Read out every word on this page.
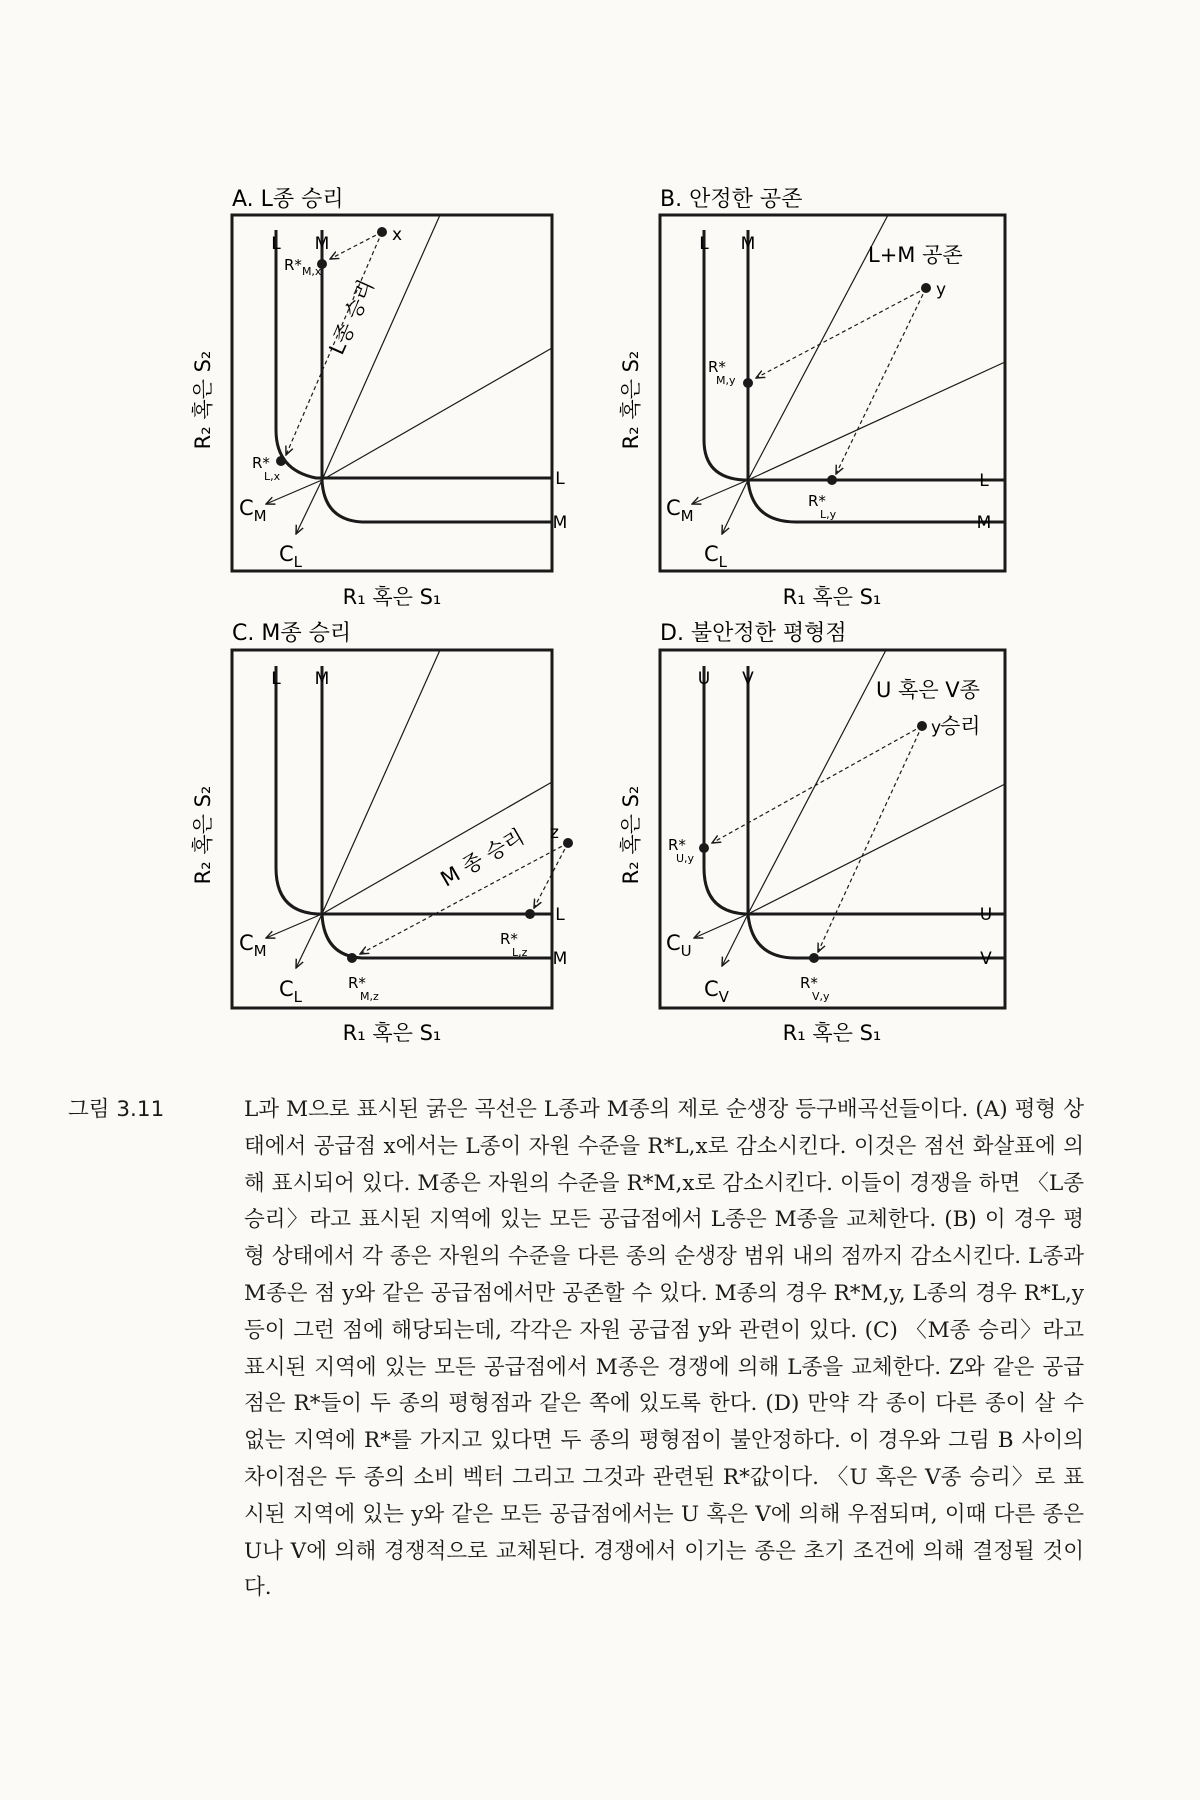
A. L종 승리
R₂ 혹은 S₂
R₁ 혹은 S₁
L M
L
M
$C_M$
$C_L$
x
$R*_{M,x}$
R* L,x
L종 승리
B. 안정한 공존
R₂ 혹은 S₂
R₁ 혹은 S₁
L M
L
M
$C_M$
$C_L$
L+M 공존
y
R* M,y
R* L,y
C. M종 승리
R₂ 혹은 S₂
R₁ 혹은 S₁
L M
L
M
$C_M$
$C_L$
M 종 승리 z
R* L,z
R* M,z
D. 불안정한 평형점
R₂ 혹은 S₂
R₁ 혹은 S₁
U V
U
V
$C_U$
$C_V$
U 혹은 V종
승리
y
R* U,y
R* V,y
그림 3.11	L과 M으로 표시된 굵은 곡선은 L종과 M종의 제로 순생장 등구배곡선들이다. (A) 평형 상태에서 공급점 x에서는 L종이 자원 수준을 R*L,x로 감소시킨다. 이것은 점선 화살표에 의해 표시되어 있다. M종은 자원의 수준을 R*M,x로 감소시킨다. 이들이 경쟁을 하면 〈L종 승리〉라고 표시된 지역에 있는 모든 공급점에서 L종은 M종을 교체한다. (B) 이 경우 평형 상태에서 각 종은 자원의 수준을 다른 종의 순생장 범위 내의 점까지 감소시킨다. L종과 M종은 점 y와 같은 공급점에서만 공존할 수 있다. M종의 경우 R*M,y, L종의 경우 R*L,y 등이 그런 점에 해당되는데, 각각은 자원 공급점 y와 관련이 있다. (C) 〈M종 승리〉라고 표시된 지역에 있는 모든 공급점에서 M종은 경쟁에 의해 L종을 교체한다. Z와 같은 공급점은 R*들이 두 종의 평형점과 같은 쪽에 있도록 한다. (D) 만약 각 종이 다른 종이 살 수 없는 지역에 R*를 가지고 있다면 두 종의 평형점이 불안정하다. 이 경우와 그림 B 사이의 차이점은 두 종의 소비 벡터 그리고 그것과 관련된 R*값이다. 〈U 혹은 V종 승리〉로 표시된 지역에 있는 y와 같은 모든 공급점에서는 U 혹은 V에 의해 우점되며, 이때 다른 종은 U나 V에 의해 경쟁적으로 교체된다. 경쟁에서 이기는 종은 초기 조건에 의해 결정될 것이다.
